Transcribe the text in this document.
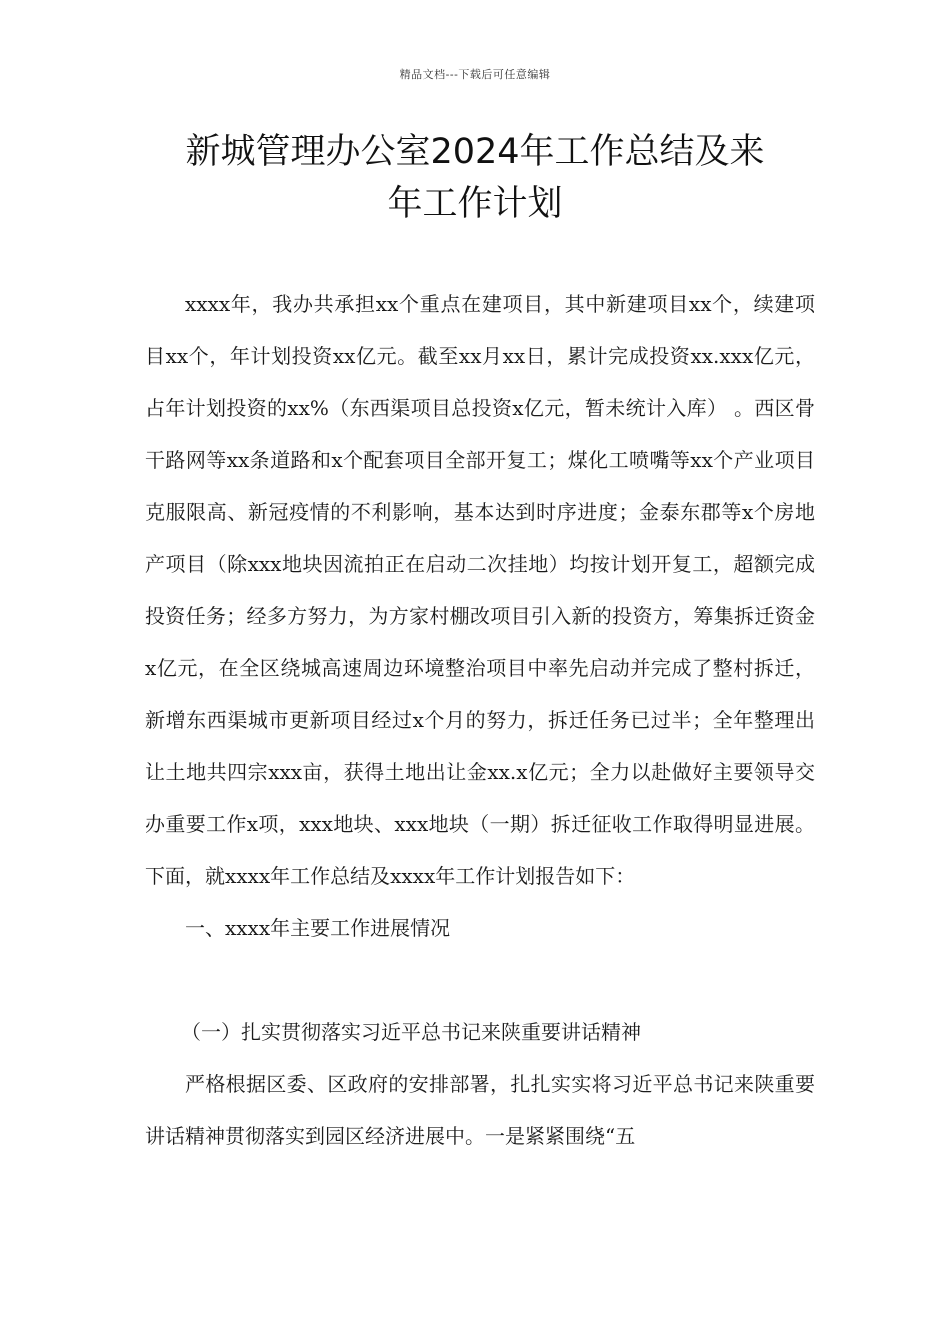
精品文档---下载后可任意编辑
新城管理办公室2024年工作总结及来
年工作计划

xxxx年，我办共承担xx个重点在建项目，其中新建项目xx个，续建项目xx个，年计划投资xx亿元。截至xx月xx日，累计完成投资xx.xxx亿元，占年计划投资的xx%（东西渠项目总投资x亿元，暂未统计入库） 。西区骨干路网等xx条道路和x个配套项目全部开复工；煤化工喷嘴等xx个产业项目克服限高、新冠疫情的不利影响，基本达到时序进度；金泰东郡等x个房地产项目（除xxx地块因流拍正在启动二次挂地）均按计划开复工，超额完成投资任务；经多方努力，为方家村棚改项目引入新的投资方，筹集拆迁资金x亿元，在全区绕城高速周边环境整治项目中率先启动并完成了整村拆迁，新增东西渠城市更新项目经过x个月的努力，拆迁任务已过半；全年整理出让土地共四宗xxx亩，获得土地出让金xx.x亿元；全力以赴做好主要领导交办重要工作x项，xxx地块、xxx地块（一期）拆迁征收工作取得明显进展。下面，就xxxx年工作总结及xxxx年工作计划报告如下：

一、xxxx年主要工作进展情况

（一）扎实贯彻落实习近平总书记来陕重要讲话精神

严格根据区委、区政府的安排部署，扎扎实实将习近平总书记来陕重要讲话精神贯彻落实到园区经济进展中。一是紧紧围绕“五
